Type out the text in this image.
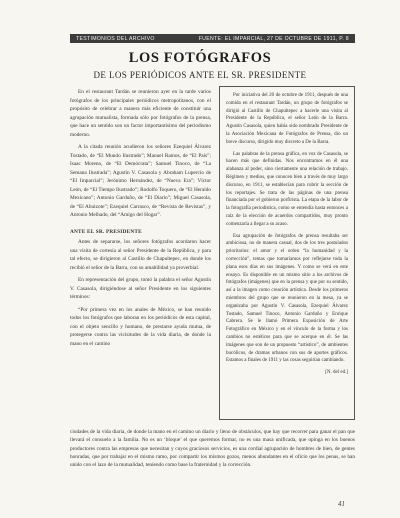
TESTIMONIOS DEL ARCHIVO	FUENTE: EL IMPARCIAL, 27 DE OCTUBRE DE 1911, P. 8
LOS FOTÓGRAFOS
DE LOS PERIÓDICOS ANTE EL SR. PRESIDENTE

En el restaurant Tardán se reunieron ayer en la tarde varios fotógrafos de los principales periódicos metropolitanos, con el propósito de celebrar a manera más eficiente de constituir una agrupación mutualista, formada sólo por fotógrafos de la prensa, que hace un sentido son un factor importantísimo del periodismo moderno.

A la citada reunión acudieron los señores Ezequiel Álvarez Tostado, de “El Mundo Ilustrado”; Manuel Ramos, de “El País”; Isaac Moreno, de “El Demócrata”; Samuel Tinoco, de “La Semana Ilustrada”; Agustín V. Casasola y Abraham Lupercio de “El Imparcial”; Jerónimo Hernández, de “Nueva Era”; Víctor León, de “El Tiempo Ilustrado”; Rodolfo Toquero, de “El Heraldo Mexicano”; Antonio Garduño, de “El Diario”; Miguel Casasola, de “El Abuizote”; Ezequiel Carrasco, de “Revista de Revistas”, y Antonio Melhado, del “Amigo del Hogar”.

ANTE EL SR. PRESIDENTE

Antes de separarse, los señores fotógrafos acordaron hacer una visita de cortesía al señor Presidente de la República, y para tal efecto, se dirigieron al Castillo de Chapultepec, en donde los recibió el señor de la Barra, con su amabilidad ya proverbial.

En representación del grupo, tomó la palabra el señor Agustín V. Casasola, dirigiéndose al señor Presidente en los siguientes términos:

“Por primera vez en los anales de México, se han reunido todos los fotógrafos que laboran en los periódicos de esta capital, con el objeto sencillo y humano, de prestarse ayuda mutua, de protegerse contra las vicisitudes de la vida diaria, de donde la mano en el camino

Por iniciativa del 20 de octubre de 1911, después de una comida en el restaurant Tardán, un grupo de fotógrafos se dirigió al Castillo de Chapultepec a hacerle una visita al Presidente de la República, el señor León de la Barra. Agustín Casasola, quien había sido nombrado Presidente de la Asociación Mexicana de Fotógrafos de Prensa, dio un breve discurso, dirigido muy discreto a De la Barra.

Las palabras de la prensa gráfica, en voz de Casasola, se hacen más que definidas. Nos encontramos en él una alabanza al poder, sino ciertamente una relación de trabajo. Régimen y medios, que conocen bien a través de muy largo discurso, en 1911, se establecían para cubrir la sección de los reportajes. Se trata de las páginas de una prensa financiada por el gobierno porfirista. La etapa de la labor de la fotografía periodística, como se entendía hasta entonces a raíz de la elección de acuerdos compartidos, muy pronto comenzaría a llegar a su acaso.

Esa agrupación de fotógrafos de prensa resultaba ser ambiciosa, no de manera casual, dos de los tres postulados prioritarios: el amor y el orden “la humanidad y la corrección”, temas que tomaríamos por reflejarse toda la plana esos días en sus imágenes. Y como se verá en este ensayo. Es disponible en un mismo sitio a los archivos de fotógrafos (imágenes) que en la prensa y que por su sentido, así a la imagen como creación artística. Desde los primeros miembros del grupo que se reunieron en la mesa, ya se organizaba por Agustín V. Casasola, Ezequiel Álvarez Tostado, Samuel Tinoco, Antonio Garduño y Enrique Cabrera. Se le llamó Primera Exposición de Arte Fotográfico en México y en el vínculo de la forma y los cambios no estéticos para que se acerque en él. Se las imágenes que son de un propuesto “artístico”, de ambientes bucólicos, de dramas urbanos con sus de aportes gráficos. Estamos a finales de 1911 y las cosas seguirían cambiando.

[N. del ed.]

ciudades de la vida diaria, de donde la mano en el camino un diario y lleno de obstáculos, que hay que recorrer para ganar el pan que llevará el consuelo a la familia. No es un ‘bloque’ el que queremos formar, no es una masa unificada, que opinga en los buenos productores contra las empresas que necesitan y cuyos graciosos servicios, es una cordial agrupación de hombres de bien, de gentes honradas, que por trabajar en el mismo ramo, por compartir los mismos gozos, menos abundantes en el oficio que los penas, se han unido con el lazo de la mutualidad, teniendo como base la fraternidad y la corrección.

41
